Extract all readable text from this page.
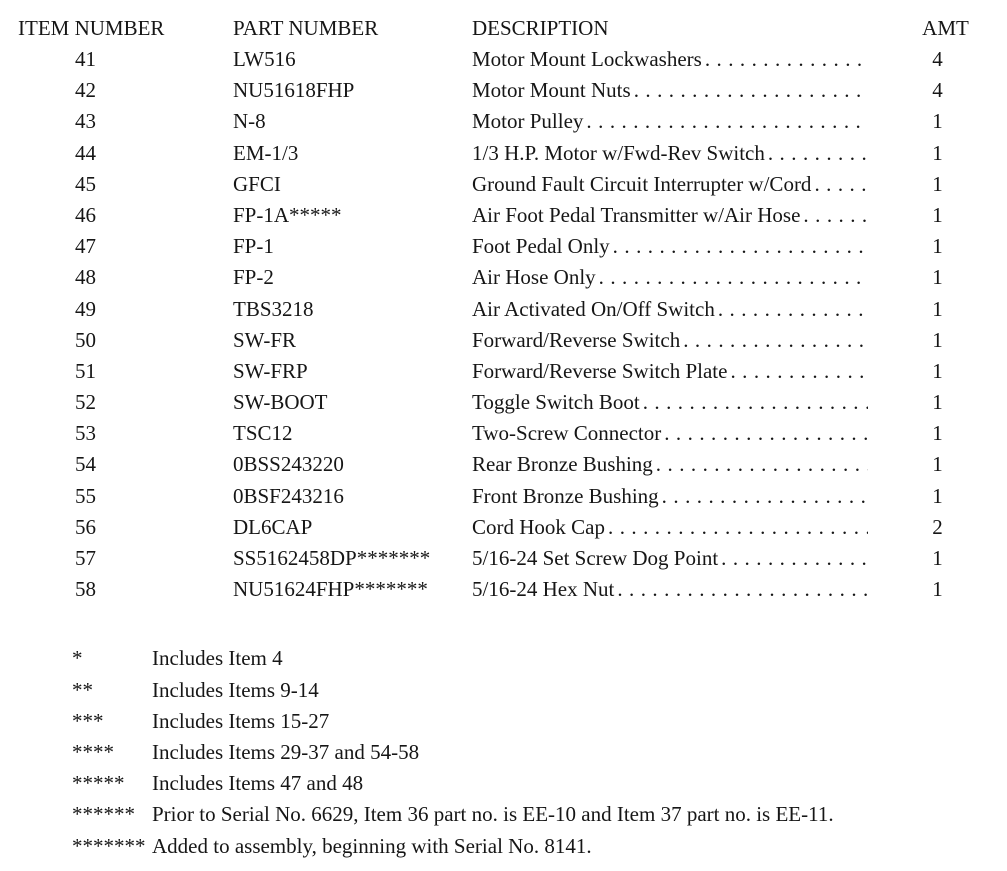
ITEM NUMBER	PART NUMBER	DESCRIPTION	AMT
41	LW516	Motor Mount Lockwashers . . .	4
42	NU51618FHP	Motor Mount Nuts . . .	4
43	N-8	Motor Pulley . . .	1
44	EM-1/3	1/3 H.P. Motor w/Fwd-Rev Switch . . .	1
45	GFCI	Ground Fault Circuit Interrupter w/Cord . . .	1
46	FP-1A*****	Air Foot Pedal Transmitter w/Air Hose . . .	1
47	FP-1	Foot Pedal Only . . .	1
48	FP-2	Air Hose Only . . .	1
49	TBS3218	Air Activated On/Off Switch . . .	1
50	SW-FR	Forward/Reverse Switch . . .	1
51	SW-FRP	Forward/Reverse Switch Plate . . .	1
52	SW-BOOT	Toggle Switch Boot . . .	1
53	TSC12	Two-Screw Connector . . .	1
54	0BSS243220	Rear Bronze Bushing . . .	1
55	0BSF243216	Front Bronze Bushing . . .	1
56	DL6CAP	Cord Hook Cap . . .	2
57	SS5162458DP*******	5/16-24 Set Screw Dog Point . . .	1
58	NU51624FHP*******	5/16-24 Hex Nut . . .	1
*	Includes Item 4
**	Includes Items 9-14
***	Includes Items 15-27
****	Includes Items 29-37 and 54-58
*****	Includes Items 47 and 48
****** Prior to Serial No. 6629, Item 36 part no. is EE-10 and Item 37 part no. is EE-11.
******* Added to assembly, beginning with Serial No. 8141.
